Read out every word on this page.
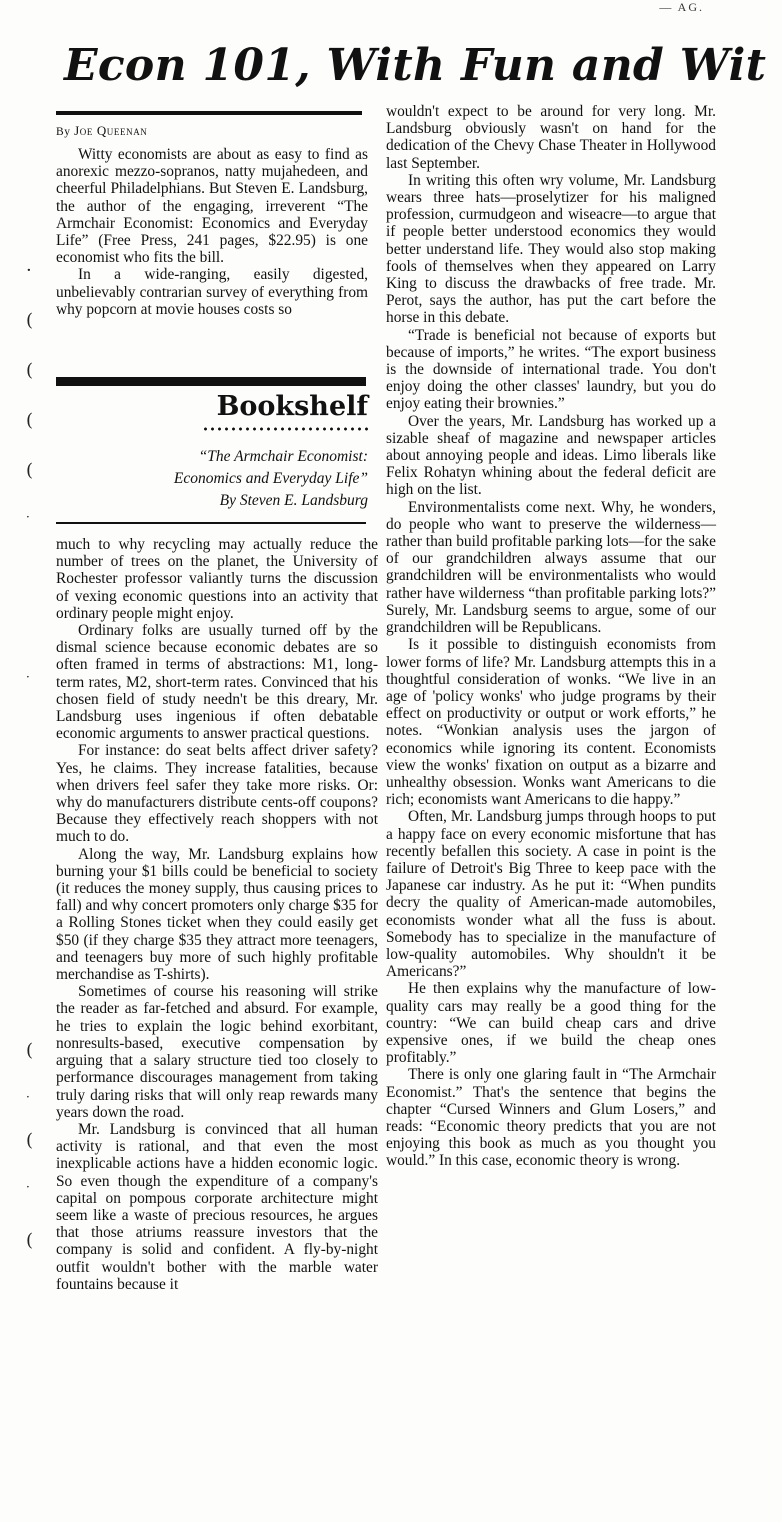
— AG.
Econ 101, With Fun and Wit
By Joe Queenan

Witty economists are about as easy to find as anorexic mezzo-sopranos, natty mujahedeen, and cheerful Philadelphians. But Steven E. Landsburg, the author of the engaging, irreverent “The Armchair Economist: Economics and Everyday Life” (Free Press, 241 pages, $22.95) is one economist who fits the bill.

In a wide-ranging, easily digested, unbelievably contrarian survey of everything from why popcorn at movie houses costs so

Bookshelf
“The Armchair Economist:
Economics and Everyday Life”
By Steven E. Landsburg

much to why recycling may actually reduce the number of trees on the planet, the University of Rochester professor valiantly turns the discussion of vexing economic questions into an activity that ordinary people might enjoy.

Ordinary folks are usually turned off by the dismal science because economic debates are so often framed in terms of abstractions: M1, long-term rates, M2, short-term rates. Convinced that his chosen field of study needn't be this dreary, Mr. Landsburg uses ingenious if often debatable economic arguments to answer practical questions.

For instance: do seat belts affect driver safety? Yes, he claims. They increase fatalities, because when drivers feel safer they take more risks. Or: why do manufacturers distribute cents-off coupons? Because they effectively reach shoppers with not much to do.

Along the way, Mr. Landsburg explains how burning your $1 bills could be beneficial to society (it reduces the money supply, thus causing prices to fall) and why concert promoters only charge $35 for a Rolling Stones ticket when they could easily get $50 (if they charge $35 they attract more teenagers, and teenagers buy more of such highly profitable merchandise as T-shirts).

Sometimes of course his reasoning will strike the reader as far-fetched and absurd. For example, he tries to explain the logic behind exorbitant, nonresults-based, executive compensation by arguing that a salary structure tied too closely to performance discourages management from taking truly daring risks that will only reap rewards many years down the road.

Mr. Landsburg is convinced that all human activity is rational, and that even the most inexplicable actions have a hidden economic logic. So even though the expenditure of a company's capital on pompous corporate architecture might seem like a waste of precious resources, he argues that those atriums reassure investors that the company is solid and confident. A fly-by-night outfit wouldn't bother with the marble water fountains because it

wouldn't expect to be around for very long. Mr. Landsburg obviously wasn't on hand for the dedication of the Chevy Chase Theater in Hollywood last September.

In writing this often wry volume, Mr. Landsburg wears three hats—proselytizer for his maligned profession, curmudgeon and wiseacre—to argue that if people better understood economics they would better understand life. They would also stop making fools of themselves when they appeared on Larry King to discuss the drawbacks of free trade. Mr. Perot, says the author, has put the cart before the horse in this debate.

“Trade is beneficial not because of exports but because of imports,” he writes. “The export business is the downside of international trade. You don't enjoy doing the other classes' laundry, but you do enjoy eating their brownies.”

Over the years, Mr. Landsburg has worked up a sizable sheaf of magazine and newspaper articles about annoying people and ideas. Limo liberals like Felix Rohatyn whining about the federal deficit are high on the list.

Environmentalists come next. Why, he wonders, do people who want to preserve the wilderness—rather than build profitable parking lots—for the sake of our grandchildren always assume that our grandchildren will be environmentalists who would rather have wilderness “than profitable parking lots?” Surely, Mr. Landsburg seems to argue, some of our grandchildren will be Republicans.

Is it possible to distinguish economists from lower forms of life? Mr. Landsburg attempts this in a thoughtful consideration of wonks. “We live in an age of 'policy wonks' who judge programs by their effect on productivity or output or work efforts,” he notes. “Wonkian analysis uses the jargon of economics while ignoring its content. Economists view the wonks' fixation on output as a bizarre and unhealthy obsession. Wonks want Americans to die rich; economists want Americans to die happy.”

Often, Mr. Landsburg jumps through hoops to put a happy face on every economic misfortune that has recently befallen this society. A case in point is the failure of Detroit's Big Three to keep pace with the Japanese car industry. As he put it: “When pundits decry the quality of American-made automobiles, economists wonder what all the fuss is about. Somebody has to specialize in the manufacture of low-quality automobiles. Why shouldn't it be Americans?”

He then explains why the manufacture of low-quality cars may really be a good thing for the country: “We can build cheap cars and drive expensive ones, if we build the cheap ones profitably.”

There is only one glaring fault in “The Armchair Economist.” That's the sentence that begins the chapter “Cursed Winners and Glum Losers,” and reads: “Economic theory predicts that you are not enjoying this book as much as you thought you would.” In this case, economic theory is wrong.

·
(
(
(
(
·
·
(
·
(
·
(
